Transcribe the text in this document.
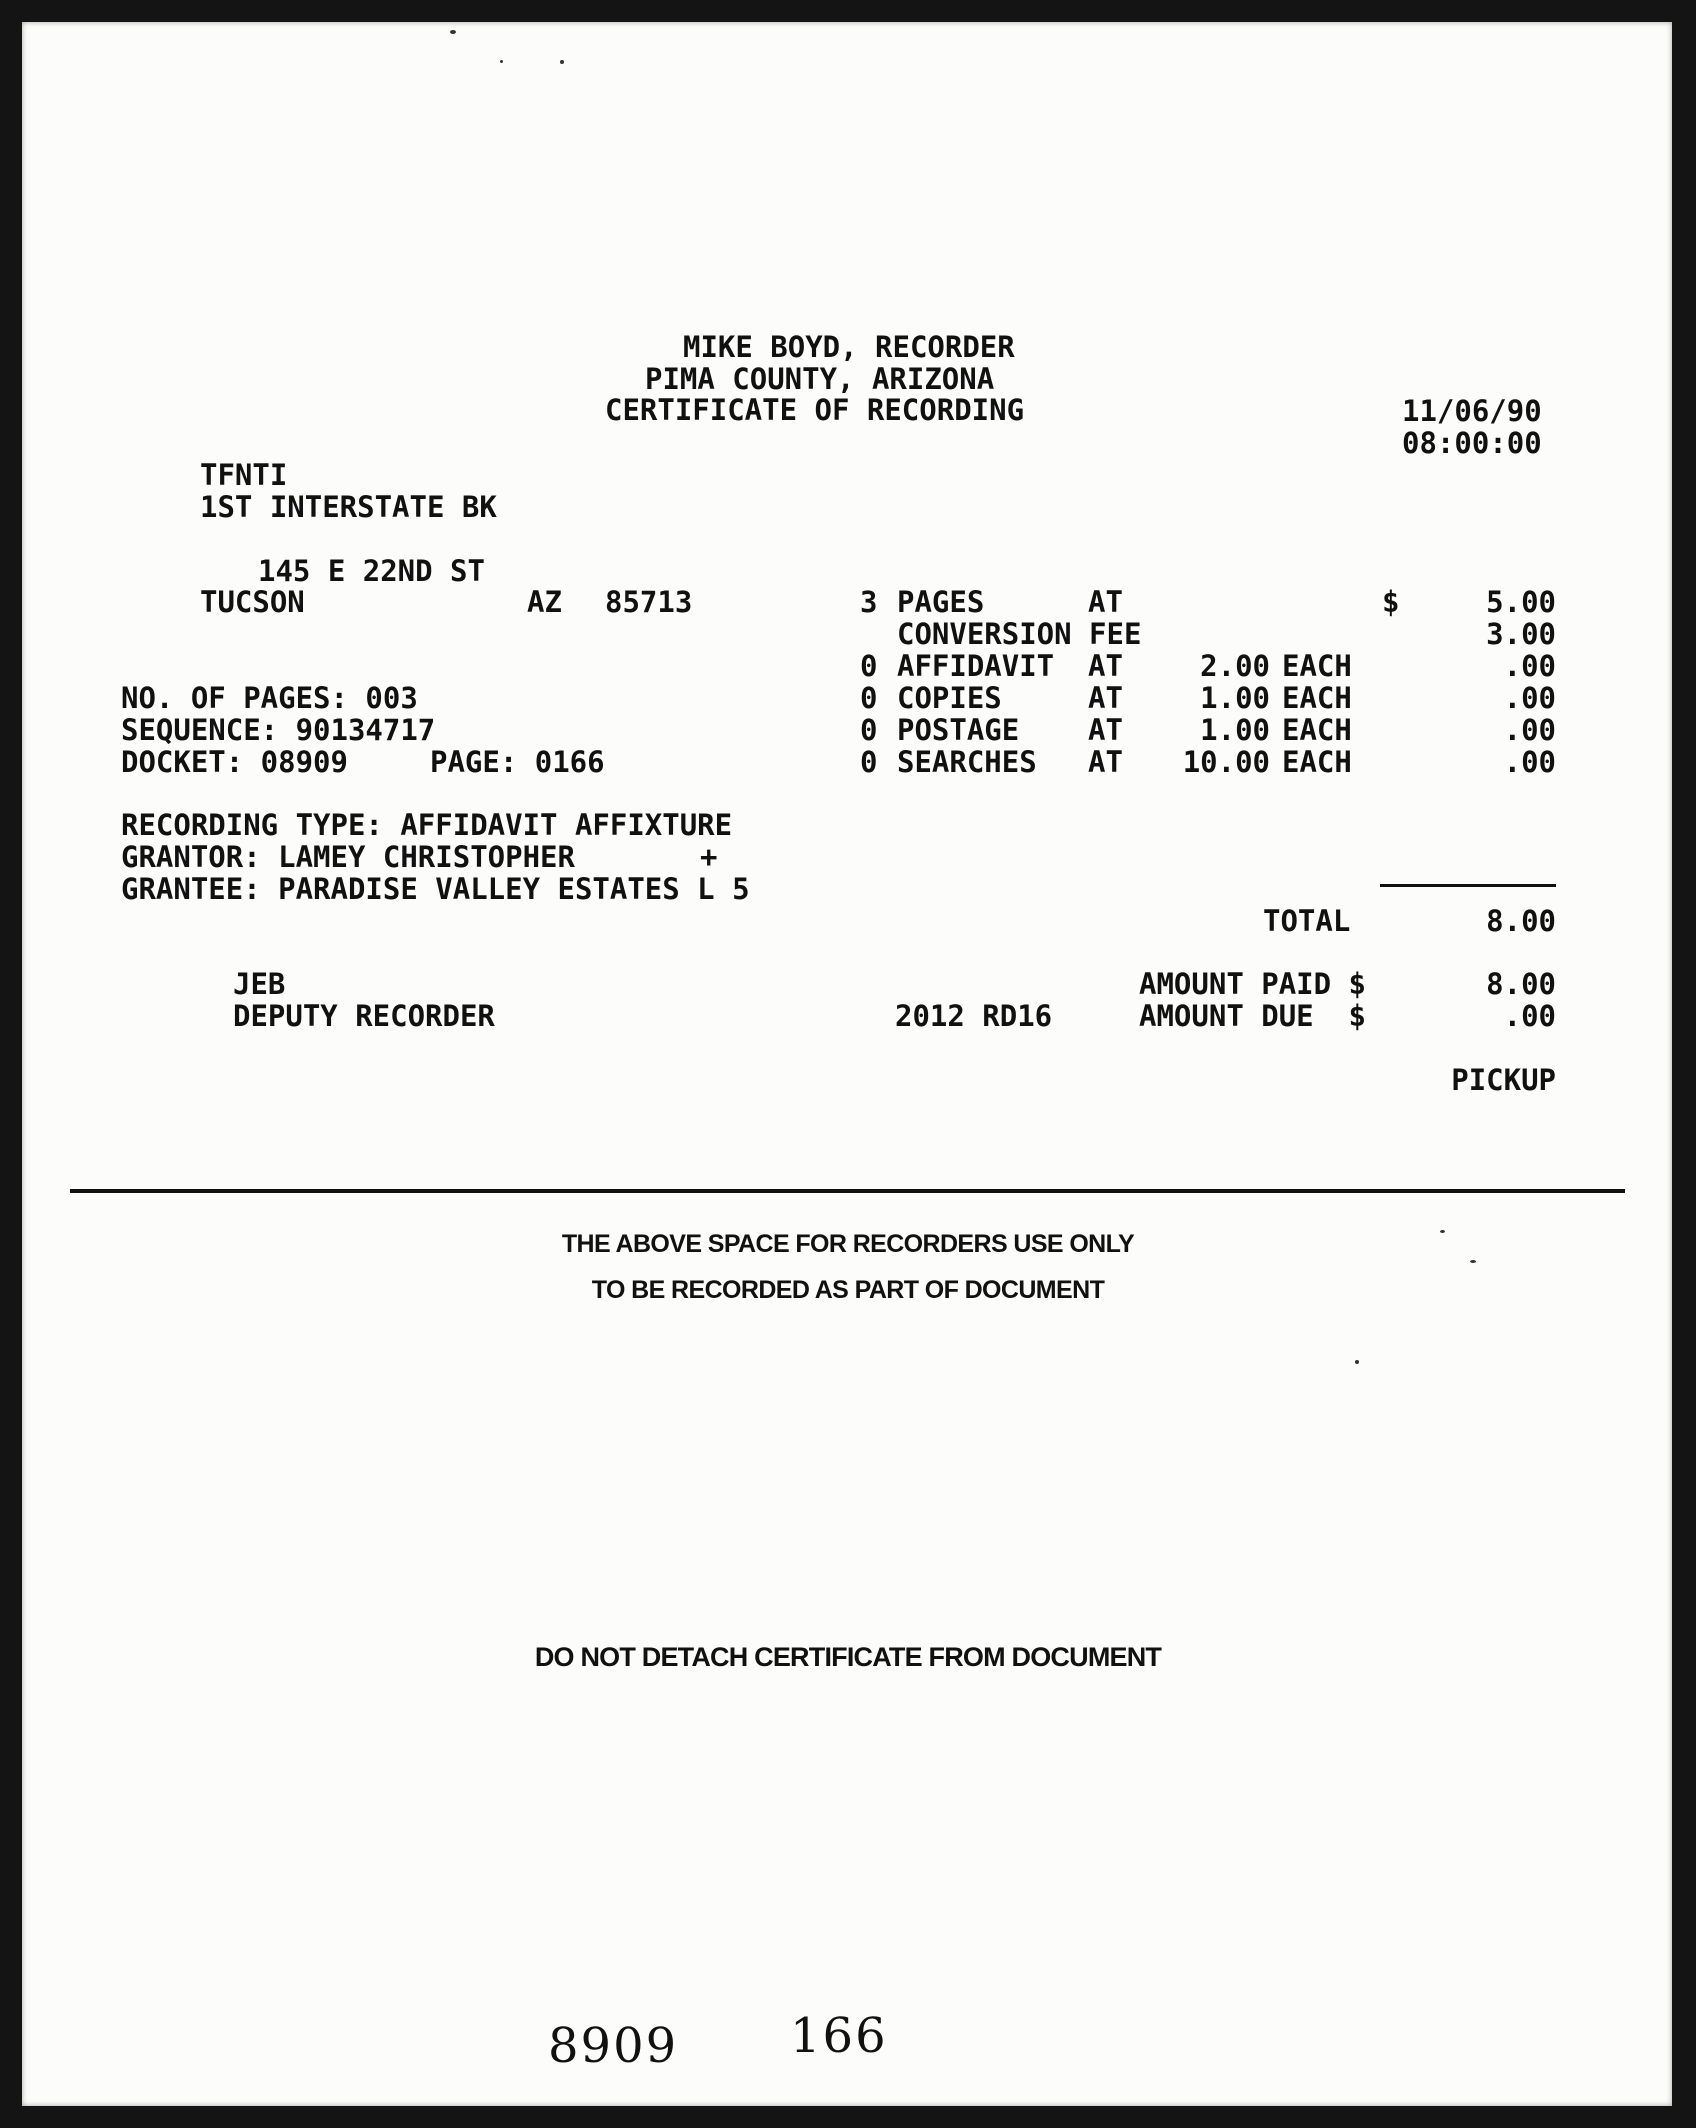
MIKE BOYD, RECORDER
PIMA COUNTY, ARIZONA
CERTIFICATE OF RECORDING	11/06/90
08:00:00
TFNTI
1ST INTERSTATE BK
145 E 22ND ST
TUCSON	AZ 85713	3 PAGES	AT	$	5.00
CONVERSION FEE	3.00
0 AFFIDAVIT AT	2.00 EACH	.00
0 COPIES	AT	1.00 EACH	.00
0 POSTAGE AT	1.00 EACH	.00
0 SEARCHES AT	10.00 EACH	.00
NO. OF PAGES: 003
SEQUENCE: 90134717
DOCKET: 08909	PAGE: 0166
RECORDING TYPE: AFFIDAVIT AFFIXTURE
GRANTOR: LAMEY CHRISTOPHER	+
GRANTEE: PARADISE VALLEY ESTATES L 5
TOTAL	8.00
JEB
DEPUTY RECORDER	2012 RD16
AMOUNT PAID $	8.00
AMOUNT DUE  $	.00
PICKUP
THE ABOVE SPACE FOR RECORDERS USE ONLY
TO BE RECORDED AS PART OF DOCUMENT
DO NOT DETACH CERTIFICATE FROM DOCUMENT
8909 166
